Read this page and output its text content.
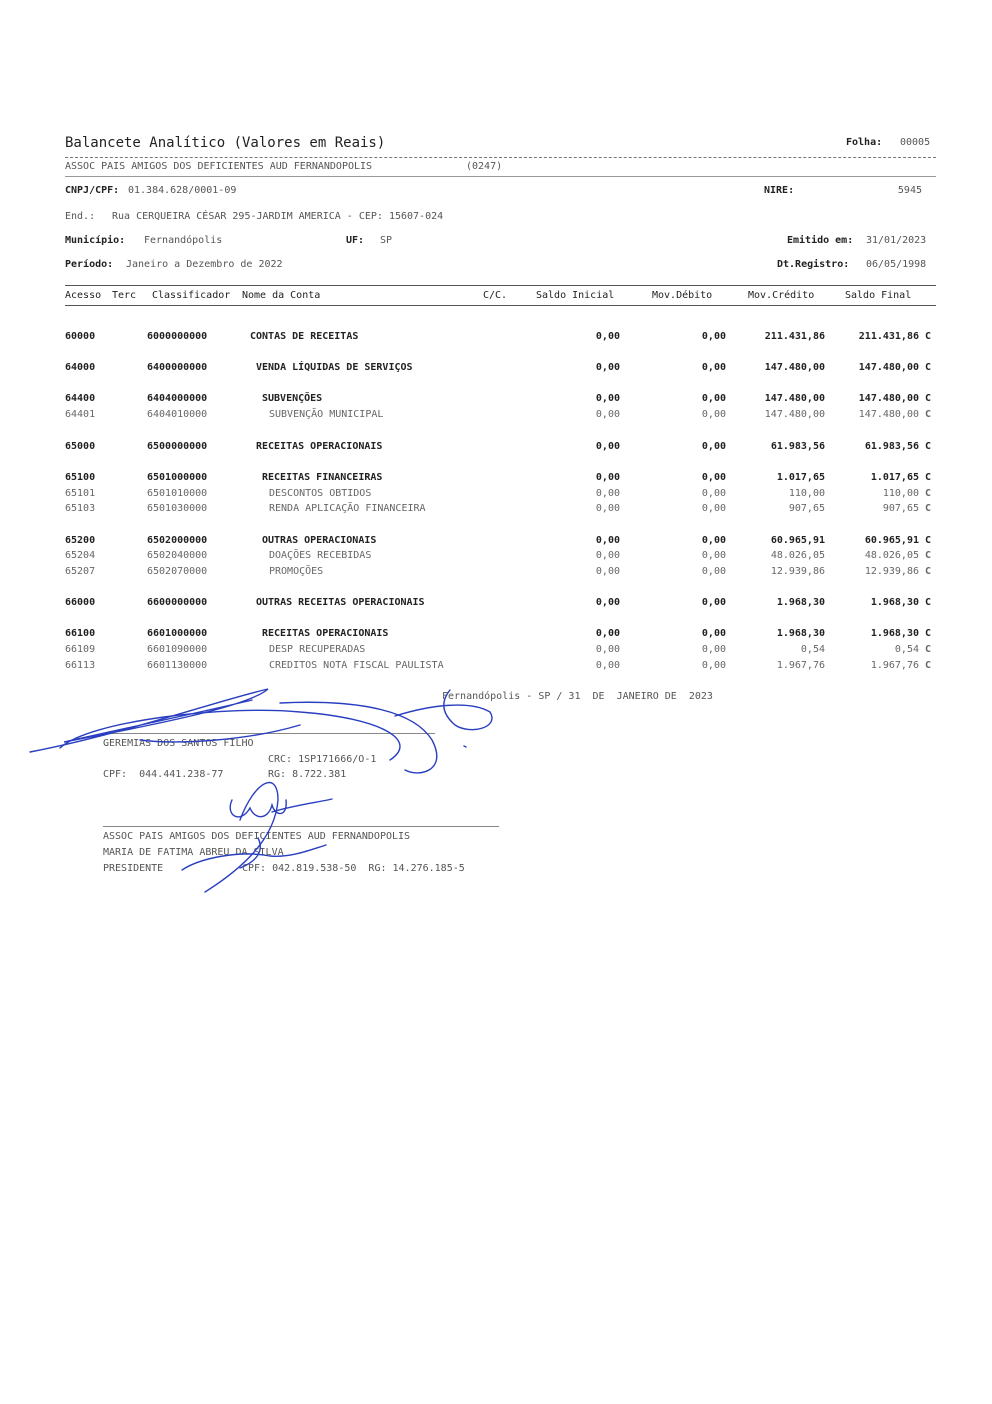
Balancete Analítico (Valores em Reais)	Folha: 00005
ASSOC PAIS AMIGOS DOS DEFICIENTES AUD FERNANDOPOLIS	(0247)
CNPJ/CPF: 01.384.628/0001-09	NIRE:	5945
End.: Rua CERQUEIRA CÉSAR 295-JARDIM AMERICA - CEP: 15607-024
Município: Fernandópolis	UF: SP	Emitido em: 31/01/2023
Período: Janeiro a Dezembro de 2022	Dt.Registro: 06/05/1998
Acesso Terc Classificador Nome da Conta	C/C.	Saldo Inicial	Mov.Débito	Mov.Crédito	Saldo Final
60000	6000000000	CONTAS DE RECEITAS	0,00	0,00	211.431,86	211.431,86 C
64000	6400000000	VENDA LÍQUIDAS DE SERVIÇOS	0,00	0,00	147.480,00	147.480,00 C
64400	6404000000	SUBVENÇÕES	0,00	0,00	147.480,00	147.480,00 C
64401	6404010000	SUBVENÇÃO MUNICIPAL	0,00	0,00	147.480,00	147.480,00 C
65000	6500000000	RECEITAS OPERACIONAIS	0,00	0,00	61.983,56	61.983,56 C
65100	6501000000	RECEITAS FINANCEIRAS	0,00	0,00	1.017,65	1.017,65 C
65101	6501010000	DESCONTOS OBTIDOS	0,00	0,00	110,00	110,00 C
65103	6501030000	RENDA APLICAÇÃO FINANCEIRA	0,00	0,00	907,65	907,65 C
65200	6502000000	OUTRAS OPERACIONAIS	0,00	0,00	60.965,91	60.965,91 C
65204	6502040000	DOAÇÕES RECEBIDAS	0,00	0,00	48.026,05	48.026,05 C
65207	6502070000	PROMOÇÕES	0,00	0,00	12.939,86	12.939,86 C
66000	6600000000	OUTRAS RECEITAS OPERACIONAIS	0,00	0,00	1.968,30	1.968,30 C
66100	6601000000	RECEITAS OPERACIONAIS	0,00	0,00	1.968,30	1.968,30 C
66109	6601090000	DESP RECUPERADAS	0,00	0,00	0,54	0,54 C
66113	6601130000	CREDITOS NOTA FISCAL PAULISTA	0,00	0,00	1.967,76	1.967,76 C
Fernandópolis - SP / 31  DE  JANEIRO DE  2023
GEREMIAS DOS SANTOS FILHO
CRC: 1SP171666/O-1
CPF:  044.441.238-77	RG: 8.722.381
ASSOC PAIS AMIGOS DOS DEFICIENTES AUD FERNANDOPOLIS
MARIA DE FATIMA ABREU DA SILVA
PRESIDENTE	CPF: 042.819.538-50  RG: 14.276.185-5
